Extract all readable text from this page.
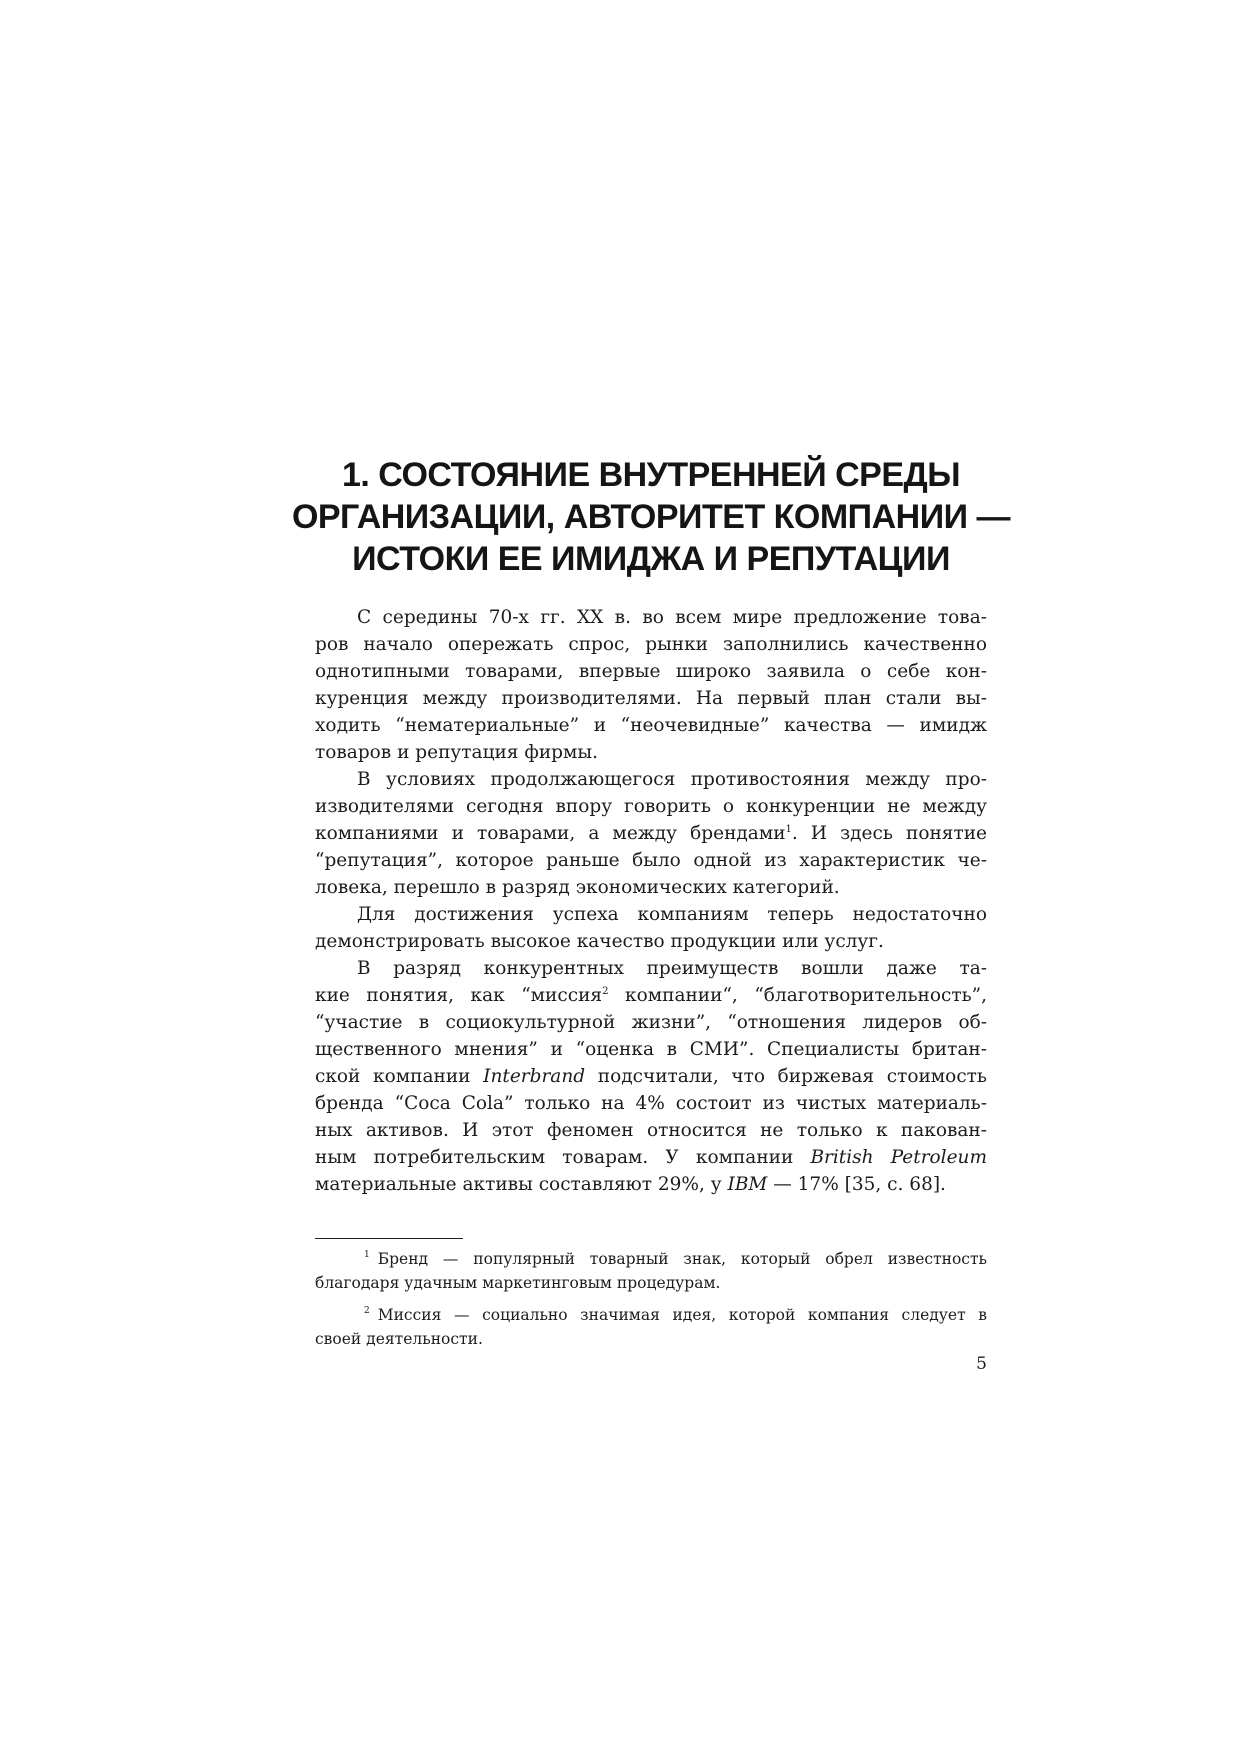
1. СОСТОЯНИЕ ВНУТРЕННЕЙ СРЕДЫ
ОРГАНИЗАЦИИ, АВТОРИТЕТ КОМПАНИИ —
ИСТОКИ ЕЕ ИМИДЖА И РЕПУТАЦИИ
С середины 70-х гг. XX в. во всем мире предложение това-
ров начало опережать спрос, рынки заполнились качественно
однотипными товарами, впервые широко заявила о себе кон-
куренция между производителями. На первый план стали вы-
ходить “нематериальные” и “неочевидные” качества — имидж
товаров и репутация фирмы.
В условиях продолжающегося противостояния между про-
изводителями сегодня впору говорить о конкуренции не между
компаниями и товарами, а между брендами$^1$. И здесь понятие
“репутация”, которое раньше было одной из характеристик че-
ловека, перешло в разряд экономических категорий.
Для достижения успеха компаниям теперь недостаточно
демонстрировать высокое качество продукции или услуг.
В разряд конкурентных преимуществ вошли даже та-
кие понятия, как “миссия$^2$ компании“, “благотворительность”,
“участие в социокультурной жизни”, “отношения лидеров об-
щественного мнения” и “оценка в СМИ”. Специалисты британ-
ской компании Interbrand подсчитали, что биржевая стоимость
бренда “Coca Cola” только на 4% состоит из чистых материаль-
ных активов. И этот феномен относится не только к пакован-
ным потребительским товарам. У компании British Petroleum
материальные активы составляют 29%, у IBM — 17% [35, с. 68].
$^1$ Бренд — популярный товарный знак, который обрел известность
благодаря удачным маркетинговым процедурам.
$^2$ Миссия — социально значимая идея, которой компания следует в
своей деятельности.
5
